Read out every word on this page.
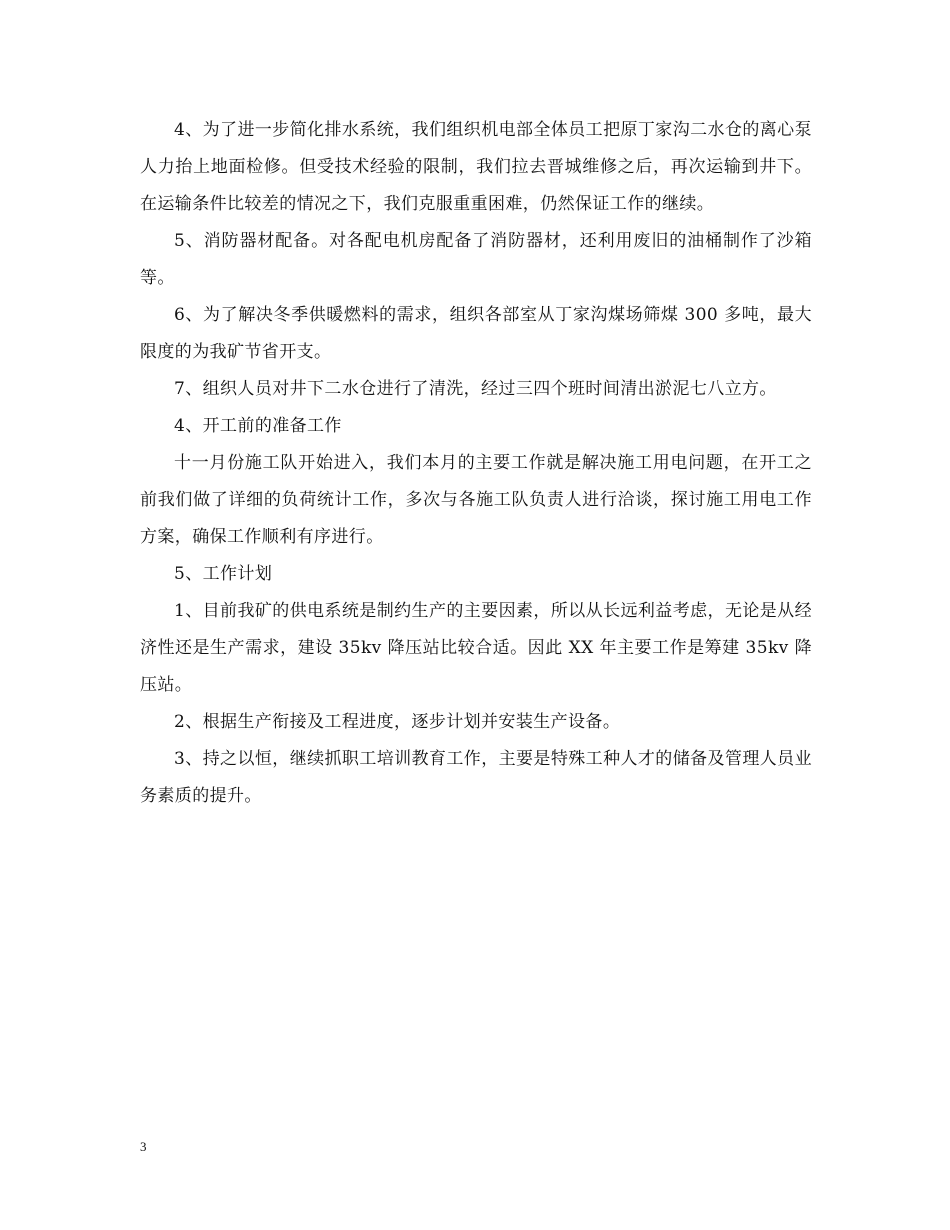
4、为了进一步简化排水系统，我们组织机电部全体员工把原丁家沟二水仓的离心泵人力抬上地面检修。但受技术经验的限制，我们拉去晋城维修之后，再次运输到井下。在运输条件比较差的情况之下，我们克服重重困难，仍然保证工作的继续。

5、消防器材配备。对各配电机房配备了消防器材，还利用废旧的油桶制作了沙箱等。

6、为了解决冬季供暖燃料的需求，组织各部室从丁家沟煤场筛煤 300 多吨，最大限度的为我矿节省开支。

7、组织人员对井下二水仓进行了清洗，经过三四个班时间清出淤泥七八立方。

4、开工前的准备工作

十一月份施工队开始进入，我们本月的主要工作就是解决施工用电问题，在开工之前我们做了详细的负荷统计工作，多次与各施工队负责人进行洽谈，探讨施工用电工作方案，确保工作顺利有序进行。

5、工作计划

1、目前我矿的供电系统是制约生产的主要因素，所以从长远利益考虑，无论是从经济性还是生产需求，建设 35kv 降压站比较合适。因此 XX 年主要工作是筹建 35kv 降压站。

2、根据生产衔接及工程进度，逐步计划并安装生产设备。

3、持之以恒，继续抓职工培训教育工作，主要是特殊工种人才的储备及管理人员业务素质的提升。

3
